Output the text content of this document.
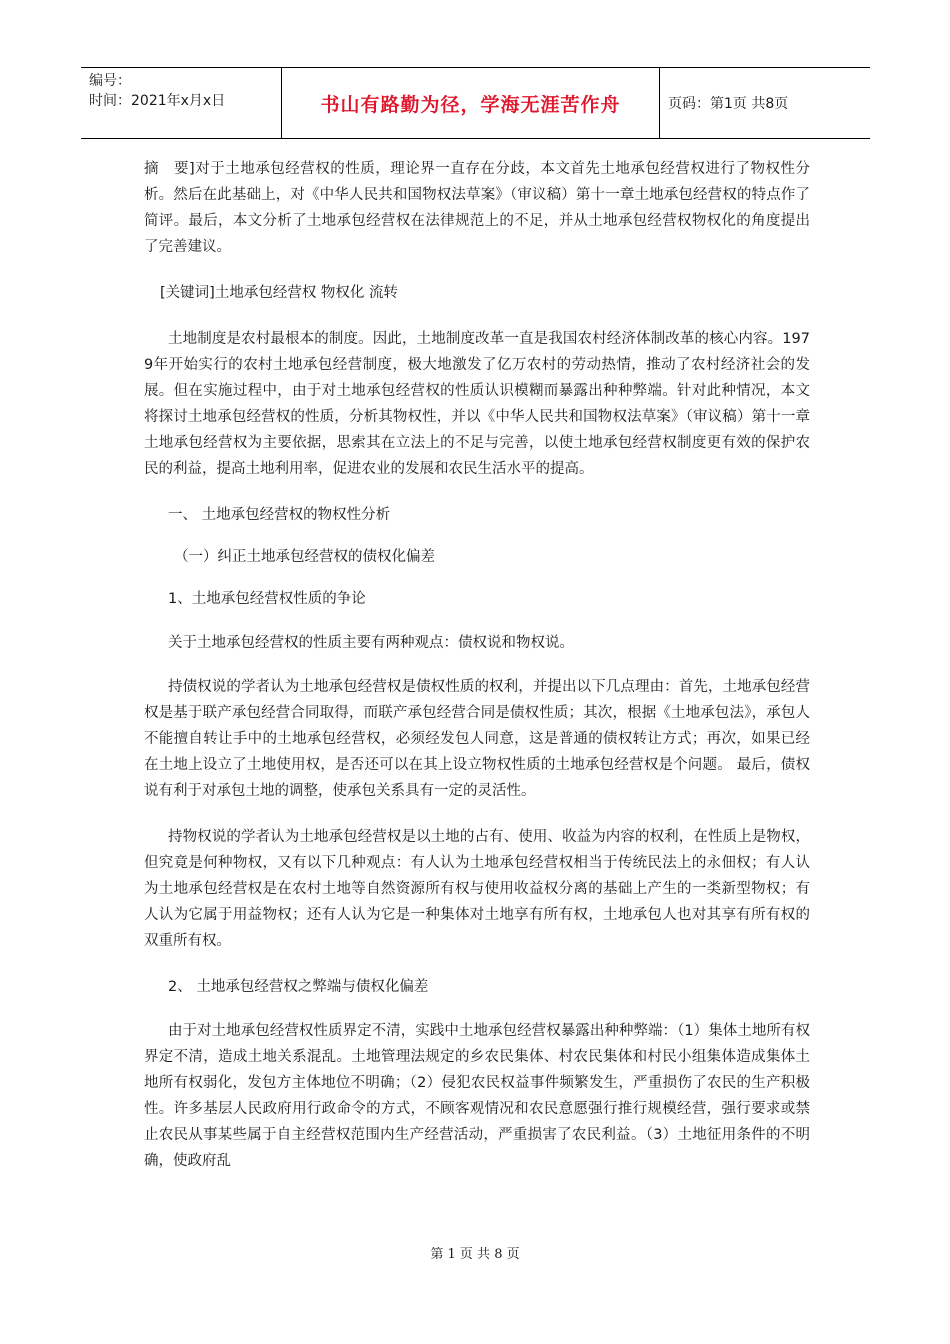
编号：
时间：2021年x月x日	书山有路勤为径，学海无涯苦作舟	页码：第1页 共8页

摘　要]对于土地承包经营权的性质，理论界一直存在分歧，本文首先土地承包经营权进行了物权性分析。然后在此基础上，对《中华人民共和国物权法草案》（审议稿）第十一章土地承包经营权的特点作了简评。最后，本文分析了土地承包经营权在法律规范上的不足，并从土地承包经营权物权化的角度提出了完善建议。

[关键词]土地承包经营权 物权化 流转

土地制度是农村最根本的制度。因此，土地制度改革一直是我国农村经济体制改革的核心内容。1979年开始实行的农村土地承包经营制度，极大地激发了亿万农村的劳动热情，推动了农村经济社会的发展。但在实施过程中，由于对土地承包经营权的性质认识模糊而暴露出种种弊端。针对此种情况，本文将探讨土地承包经营权的性质，分析其物权性，并以《中华人民共和国物权法草案》（审议稿）第十一章土地承包经营权为主要依据，思索其在立法上的不足与完善，以使土地承包经营权制度更有效的保护农民的利益，提高土地利用率，促进农业的发展和农民生活水平的提高。

一、 土地承包经营权的物权性分析

（一）纠正土地承包经营权的债权化偏差

1、土地承包经营权性质的争论

关于土地承包经营权的性质主要有两种观点：债权说和物权说。

持债权说的学者认为土地承包经营权是债权性质的权利，并提出以下几点理由：首先，土地承包经营权是基于联产承包经营合同取得，而联产承包经营合同是债权性质；其次，根据《土地承包法》，承包人不能擅自转让手中的土地承包经营权，必须经发包人同意，这是普通的债权转让方式；再次，如果已经在土地上设立了土地使用权，是否还可以在其上设立物权性质的土地承包经营权是个问题。 最后，债权说有利于对承包土地的调整，使承包关系具有一定的灵活性。

持物权说的学者认为土地承包经营权是以土地的占有、使用、收益为内容的权利，在性质上是物权，但究竟是何种物权，又有以下几种观点：有人认为土地承包经营权相当于传统民法上的永佃权；有人认为土地承包经营权是在农村土地等自然资源所有权与使用收益权分离的基础上产生的一类新型物权；有人认为它属于用益物权；还有人认为它是一种集体对土地享有所有权，土地承包人也对其享有所有权的双重所有权。

2、 土地承包经营权之弊端与债权化偏差

由于对土地承包经营权性质界定不清，实践中土地承包经营权暴露出种种弊端：（1）集体土地所有权界定不清，造成土地关系混乱。土地管理法规定的乡农民集体、村农民集体和村民小组集体造成集体土地所有权弱化，发包方主体地位不明确；（2）侵犯农民权益事件频繁发生，严重损伤了农民的生产积极性。许多基层人民政府用行政命令的方式，不顾客观情况和农民意愿强行推行规模经营，强行要求或禁止农民从事某些属于自主经营权范围内生产经营活动，严重损害了农民利益。（3）土地征用条件的不明确，使政府乱

第 1 页 共 8 页
